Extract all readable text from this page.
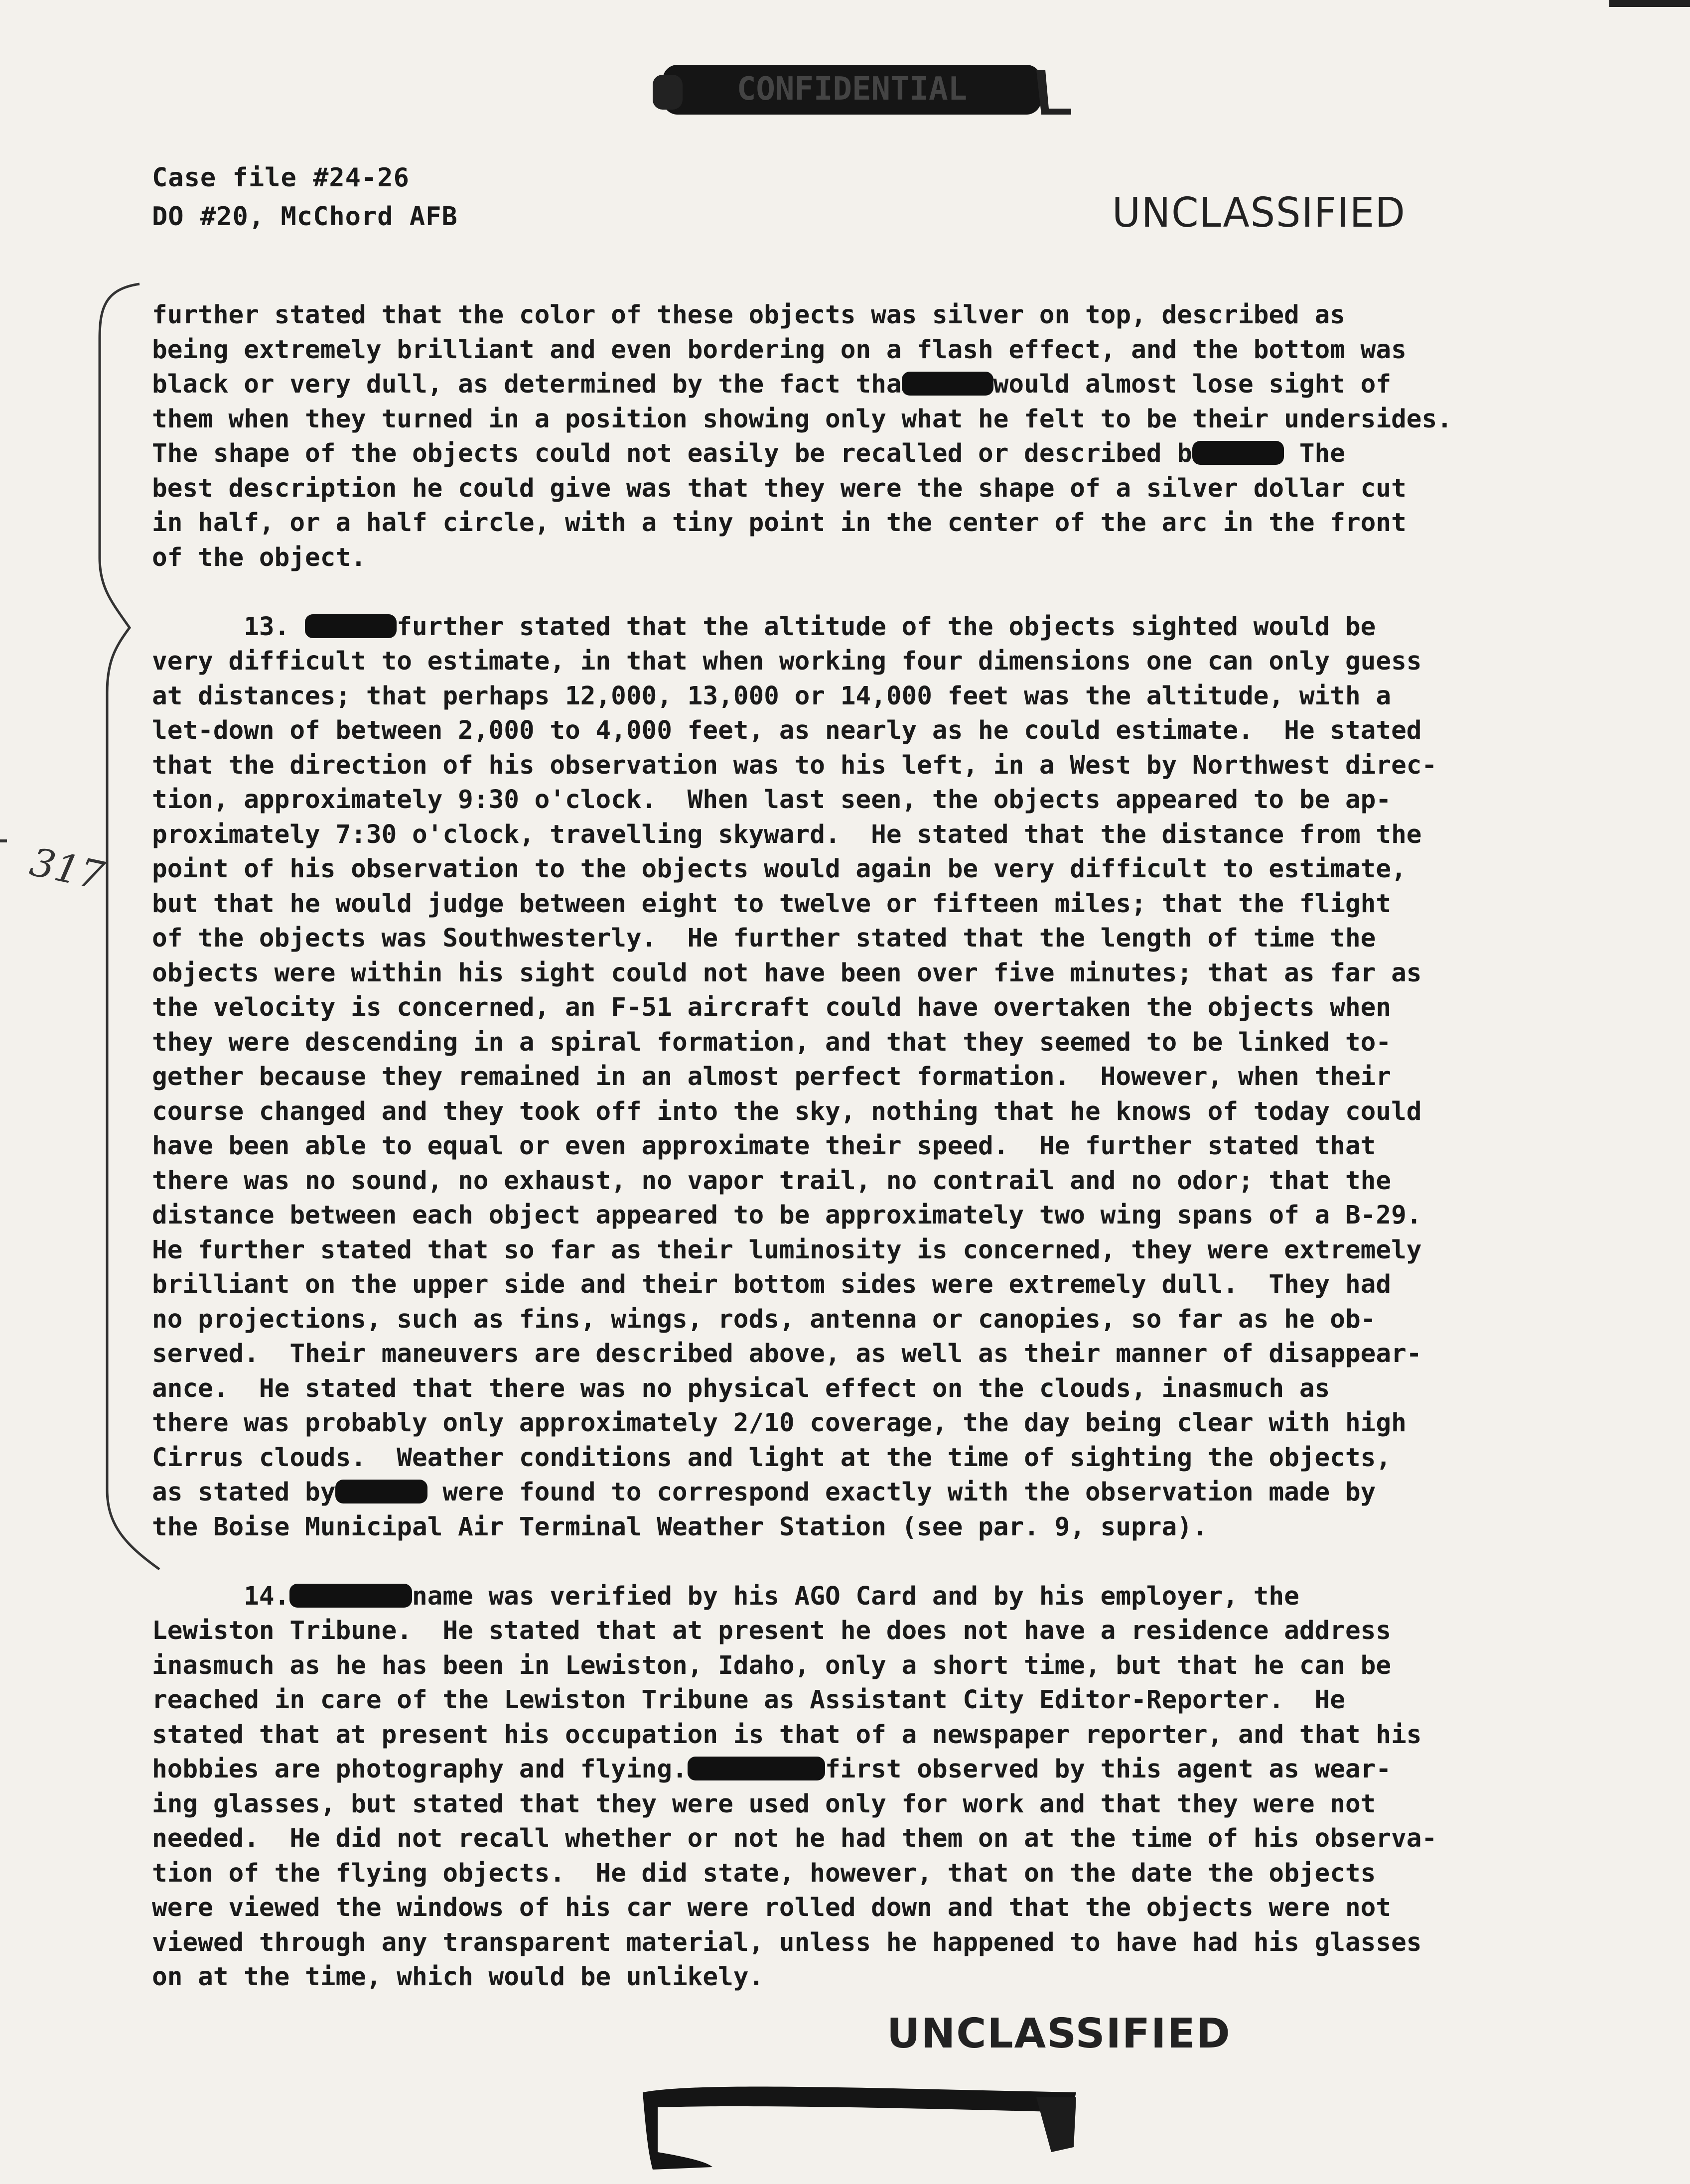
CONFIDENTIAL
Case file #24-26
DO #20, McChord AFB	UNCLASSIFIED
317
further stated that the color of these objects was silver on top, described as
being extremely brilliant and even bordering on a flash effect, and the bottom was
black or very dull, as determined by the fact tha	would almost lose sight of
them when they turned in a position showing only what he felt to be their undersides.
The shape of the objects could not easily be recalled or described b	The
best description he could give was that they were the shape of a silver dollar cut
in half, or a half circle, with a tiny point in the center of the arc in the front
of the object.
13.	further stated that the altitude of the objects sighted would be
very difficult to estimate, in that when working four dimensions one can only guess
at distances; that perhaps 12,000, 13,000 or 14,000 feet was the altitude, with a
let-down of between 2,000 to 4,000 feet, as nearly as he could estimate.  He stated
that the direction of his observation was to his left, in a West by Northwest direc-
tion, approximately 9:30 o'clock.  When last seen, the objects appeared to be ap-
proximately 7:30 o'clock, travelling skyward.  He stated that the distance from the
point of his observation to the objects would again be very difficult to estimate,
but that he would judge between eight to twelve or fifteen miles; that the flight
of the objects was Southwesterly.  He further stated that the length of time the
objects were within his sight could not have been over five minutes; that as far as
the velocity is concerned, an F-51 aircraft could have overtaken the objects when
they were descending in a spiral formation, and that they seemed to be linked to-
gether because they remained in an almost perfect formation.  However, when their
course changed and they took off into the sky, nothing that he knows of today could
have been able to equal or even approximate their speed.  He further stated that
there was no sound, no exhaust, no vapor trail, no contrail and no odor; that the
distance between each object appeared to be approximately two wing spans of a B-29.
He further stated that so far as their luminosity is concerned, they were extremely
brilliant on the upper side and their bottom sides were extremely dull.  They had
no projections, such as fins, wings, rods, antenna or canopies, so far as he ob-
served.  Their maneuvers are described above, as well as their manner of disappear-
ance.  He stated that there was no physical effect on the clouds, inasmuch as
there was probably only approximately 2/10 coverage, the day being clear with high
Cirrus clouds.  Weather conditions and light at the time of sighting the objects,
as stated by	were found to correspond exactly with the observation made by
the Boise Municipal Air Terminal Weather Station (see par. 9, supra).
14.	name was verified by his AGO Card and by his employer, the
Lewiston Tribune.  He stated that at present he does not have a residence address
inasmuch as he has been in Lewiston, Idaho, only a short time, but that he can be
reached in care of the Lewiston Tribune as Assistant City Editor-Reporter.  He
stated that at present his occupation is that of a newspaper reporter, and that his
hobbies are photography and flying.	first observed by this agent as wear-
ing glasses, but stated that they were used only for work and that they were not
needed.  He did not recall whether or not he had them on at the time of his observa-
tion of the flying objects.  He did state, however, that on the date the objects
were viewed the windows of his car were rolled down and that the objects were not
viewed through any transparent material, unless he happened to have had his glasses
on at the time, which would be unlikely.
UNCLASSIFIED
